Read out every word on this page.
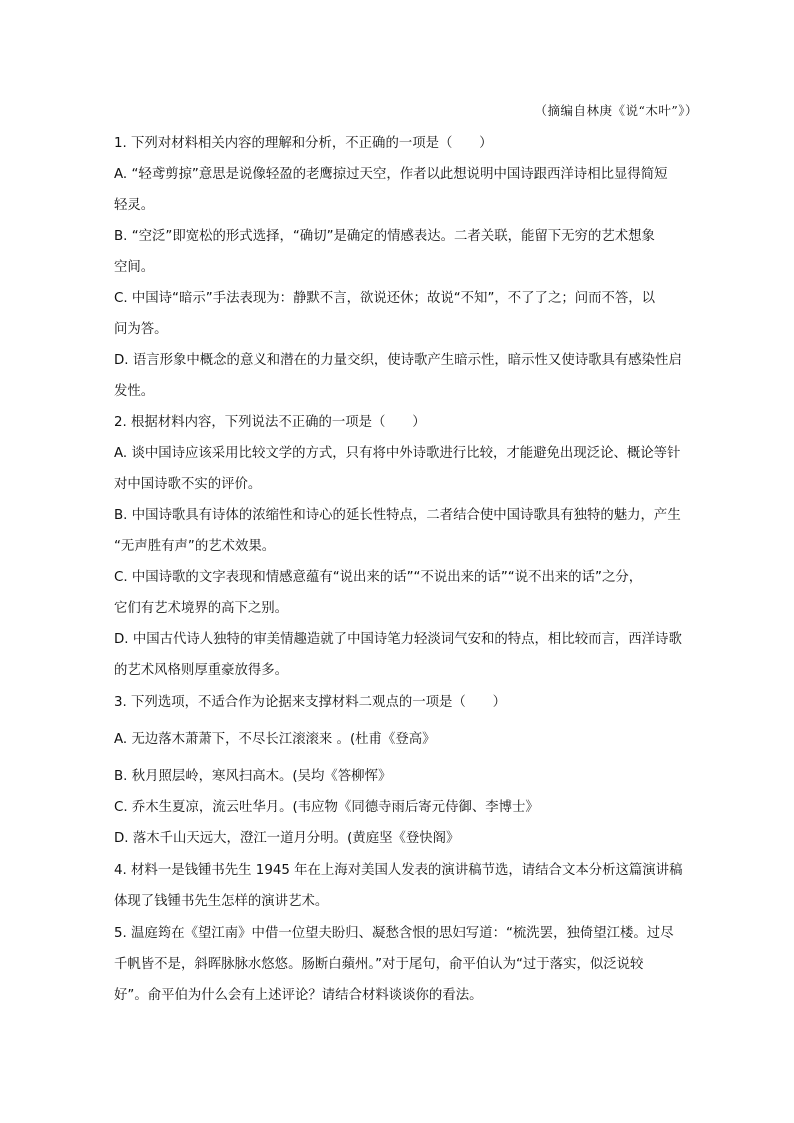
（摘编自林庚《说“木叶”》）
1. 下列对材料相关内容的理解和分析，不正确的一项是（　　）
A. “轻鸢剪掠”意思是说像轻盈的老鹰掠过天空，作者以此想说明中国诗跟西洋诗相比显得简短
轻灵。
B. “空泛”即宽松的形式选择，“确切”是确定的情感表达。二者关联，能留下无穷的艺术想象
空间。
C. 中国诗“暗示”手法表现为：静默不言，欲说还休；故说“不知”，不了了之；问而不答，以
问为答。
D. 语言形象中概念的意义和潜在的力量交织，使诗歌产生暗示性，暗示性又使诗歌具有感染性启
发性。
2. 根据材料内容，下列说法不正确的一项是（　　）
A. 谈中国诗应该采用比较文学的方式，只有将中外诗歌进行比较，才能避免出现泛论、概论等针
对中国诗歌不实的评价。
B. 中国诗歌具有诗体的浓缩性和诗心的延长性特点，二者结合使中国诗歌具有独特的魅力，产生
“无声胜有声”的艺术效果。
C. 中国诗歌的文字表现和情感意蕴有“说出来的话”“不说出来的话”“说不出来的话”之分，
它们有艺术境界的高下之别。
D. 中国古代诗人独特的审美情趣造就了中国诗笔力轻淡词气安和的特点，相比较而言，西洋诗歌
的艺术风格则厚重豪放得多。
3. 下列选项，不适合作为论据来支撑材料二观点的一项是（　　）
A. 无边落木萧萧下，不尽长江滚滚来 。(杜甫《登高》
B. 秋月照层岭，寒风扫高木。(吴均《答柳恽》
C. 乔木生夏凉，流云吐华月。(韦应物《同德寺雨后寄元侍御、李博士》
D. 落木千山天远大，澄江一道月分明。(黄庭坚《登快阁》
4. 材料一是钱锺书先生 1945 年在上海对美国人发表的演讲稿节选，请结合文本分析这篇演讲稿
体现了钱锺书先生怎样的演讲艺术。
5. 温庭筠在《望江南》中借一位望夫盼归、凝愁含恨的思妇写道：“梳洗罢，独倚望江楼。过尽
千帆皆不是，斜晖脉脉水悠悠。肠断白蘋州。”对于尾句，俞平伯认为“过于落实，似泛说较
好”。俞平伯为什么会有上述评论？请结合材料谈谈你的看法。
